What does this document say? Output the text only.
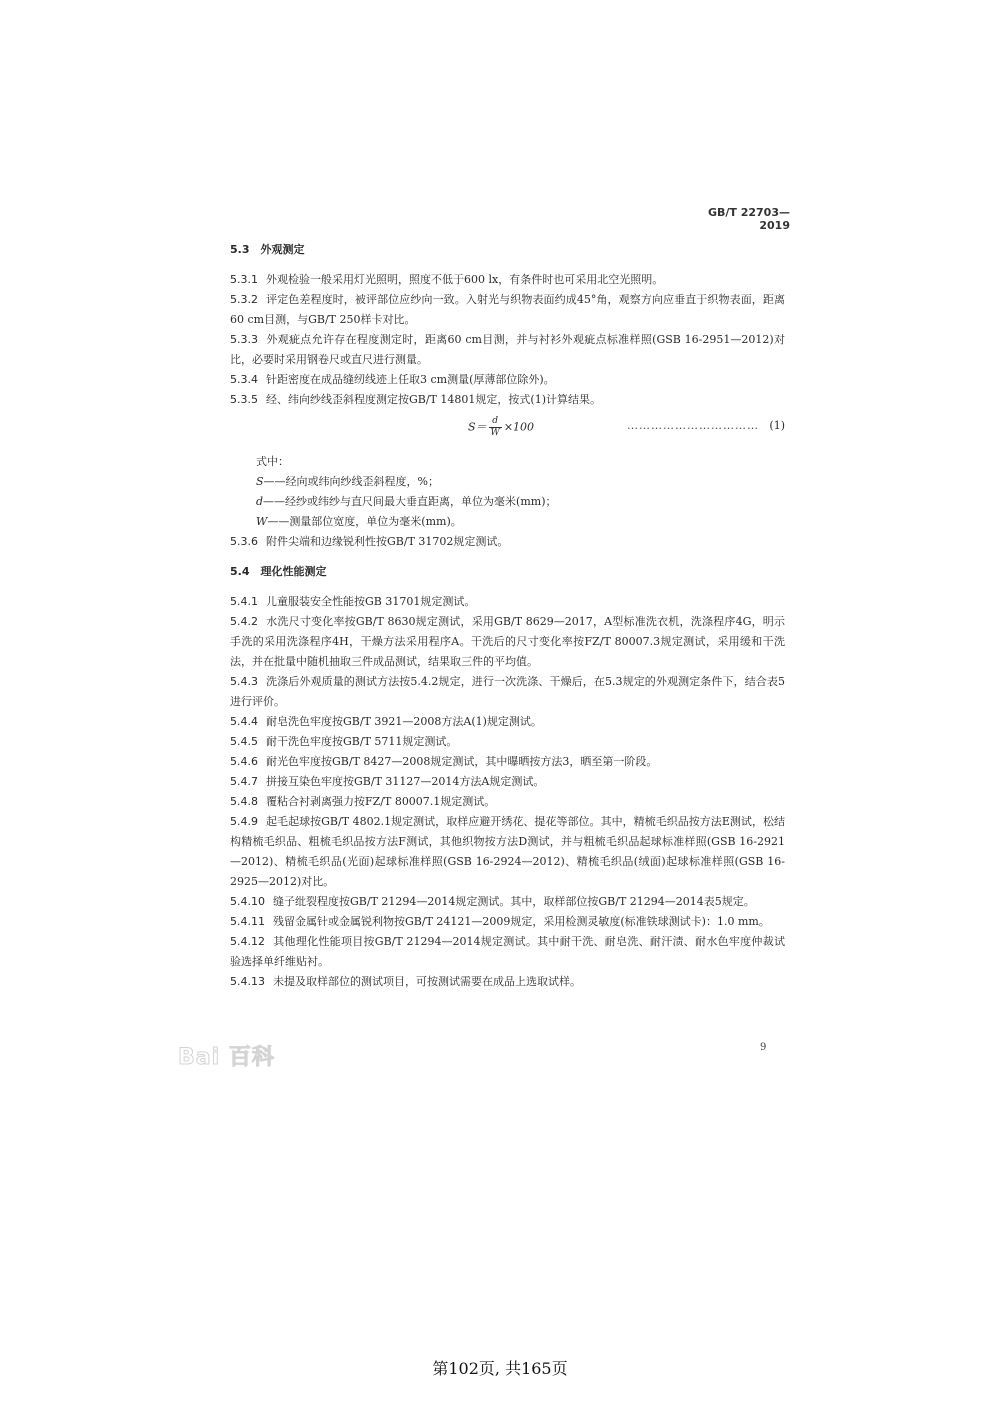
GB/T 22703—2019
5.3　外观测定

5.3.1 外观检验一般采用灯光照明，照度不低于600 lx，有条件时也可采用北空光照明。

5.3.2 评定色差程度时，被评部位应纱向一致。入射光与织物表面约成45°角，观察方向应垂直于织物表面，距离60 cm目测，与GB/T 250样卡对比。

5.3.3 外观疵点允许存在程度测定时，距离60 cm目测，并与衬衫外观疵点标准样照(GSB 16-2951—2012)对比，必要时采用钢卷尺或直尺进行测量。

5.3.4 针距密度在成品缝纫线迹上任取3 cm测量(厚薄部位除外)。

5.3.5 经、纬向纱线歪斜程度测定按GB/T 14801规定，按式(1)计算结果。

$S= \frac{d}{W} \times 100$	…………………………… (1)

式中：

S——经向或纬向纱线歪斜程度，%；

d——经纱或纬纱与直尺间最大垂直距离，单位为毫米(mm)；

W——测量部位宽度，单位为毫米(mm)。

5.3.6 附件尖端和边缘锐利性按GB/T 31702规定测试。

5.4　理化性能测定

5.4.1 儿童服装安全性能按GB 31701规定测试。

5.4.2 水洗尺寸变化率按GB/T 8630规定测试，采用GB/T 8629—2017，A型标准洗衣机，洗涤程序4G，明示手洗的采用洗涤程序4H，干燥方法采用程序A。干洗后的尺寸变化率按FZ/T 80007.3规定测试，采用缓和干洗法，并在批量中随机抽取三件成品测试，结果取三件的平均值。

5.4.3 洗涤后外观质量的测试方法按5.4.2规定，进行一次洗涤、干燥后，在5.3规定的外观测定条件下，结合表5进行评价。

5.4.4 耐皂洗色牢度按GB/T 3921—2008方法A(1)规定测试。

5.4.5 耐干洗色牢度按GB/T 5711规定测试。

5.4.6 耐光色牢度按GB/T 8427—2008规定测试，其中曝晒按方法3，晒至第一阶段。

5.4.7 拼接互染色牢度按GB/T 31127—2014方法A规定测试。

5.4.8 覆粘合衬剥离强力按FZ/T 80007.1规定测试。

5.4.9 起毛起球按GB/T 4802.1规定测试，取样应避开绣花、提花等部位。其中，精梳毛织品按方法E测试，松结构精梳毛织品、粗梳毛织品按方法F测试，其他织物按方法D测试，并与粗梳毛织品起球标准样照(GSB 16-2921—2012)、精梳毛织品(光面)起球标准样照(GSB 16-2924—2012)、精梳毛织品(绒面)起球标准样照(GSB 16-2925—2012)对比。

5.4.10 缝子纰裂程度按GB/T 21294—2014规定测试。其中，取样部位按GB/T 21294—2014表5规定。

5.4.11 残留金属针或金属锐利物按GB/T 24121—2009规定，采用检测灵敏度(标准铁球测试卡)：1.0 mm。

5.4.12 其他理化性能项目按GB/T 21294—2014规定测试。其中耐干洗、耐皂洗、耐汗渍、耐水色牢度仲裁试验选择单纤维贴衬。

5.4.13 未提及取样部位的测试项目，可按测试需要在成品上选取试样。

Bai 百科	9
第102页, 共165页
